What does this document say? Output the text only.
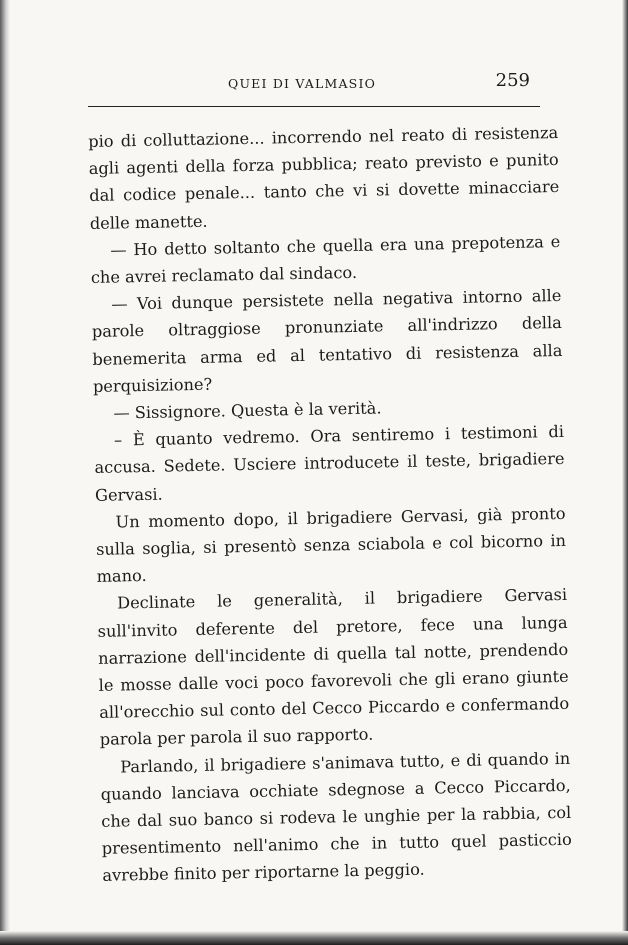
QUEI DI VALMASIO	259

pio di colluttazione... incorrendo nel reato di resistenza agli agenti della forza pubblica; reato previsto e punito dal codice penale... tanto che vi si dovette minacciare delle manette.

— Ho detto soltanto che quella era una prepotenza e che avrei reclamato dal sindaco.

— Voi dunque persistete nella negativa intorno alle parole oltraggiose pronunziate all'indrizzo della benemerita arma ed al tentativo di resistenza alla perquisizione?

— Sissignore. Questa è la verità.

– È quanto vedremo. Ora sentiremo i testimoni di accusa. Sedete. Usciere introducete il teste, brigadiere Gervasi.

Un momento dopo, il brigadiere Gervasi, già pronto sulla soglia, si presentò senza sciabola e col bicorno in mano.

Declinate le generalità, il brigadiere Gervasi sull'invito deferente del pretore, fece una lunga narrazione dell'incidente di quella tal notte, prendendo le mosse dalle voci poco favorevoli che gli erano giunte all'orecchio sul conto del Cecco Piccardo e confermando parola per parola il suo rapporto.

Parlando, il brigadiere s'animava tutto, e di quando in quando lanciava occhiate sdegnose a Cecco Piccardo, che dal suo banco si rodeva le unghie per la rabbia, col presentimento nell'animo che in tutto quel pasticcio avrebbe finito per riportarne la peggio.
